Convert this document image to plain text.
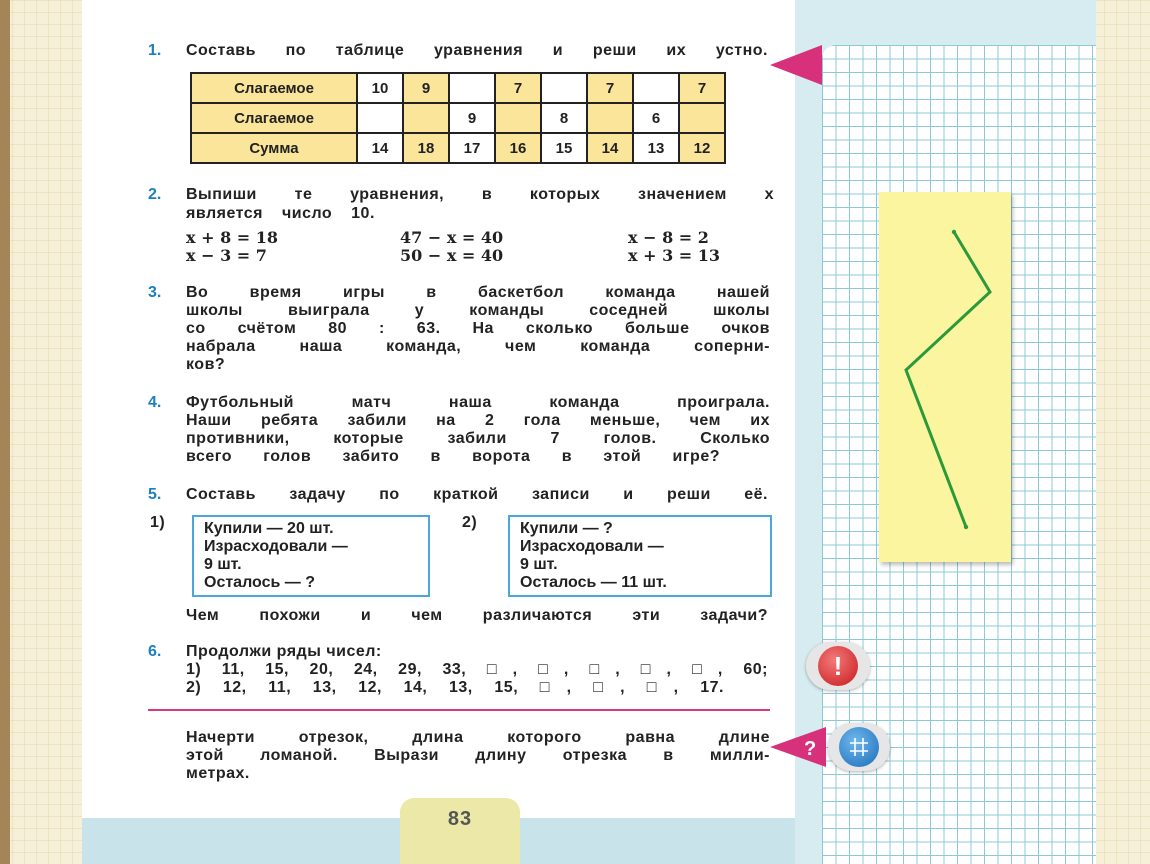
1. Составь по таблице уравнения и реши их устно.
Слагаемое	10	9		7		7		7
Слагаемое			9		8		6	
Сумма	14	18	17	16	15	14	13	12
2. Выпиши те уравнения, в которых значением x
является число 10.
x + 8 = 18	47 − x = 40	x − 8 = 2
x − 3 = 7	50 − x = 40	x + 3 = 13
3. Во время игры в баскетбол команда нашей
школы выиграла у команды соседней школы
со счётом 80 : 63. На сколько больше очков
набрала наша команда, чем команда соперни-
ков?
4. Футбольный матч наша команда проиграла.
Наши ребята забили на 2 гола меньше, чем их
противники, которые забили 7 голов. Сколько
всего голов забито в ворота в этой игре?
5. Составь задачу по краткой записи и реши её.
1) Купили — 20 шт.
Израсходовали —
9 шт.
Осталось — ?
2)	Купили — ?
Израсходовали —
9 шт.
Осталось — 11 шт.
Чем похожи и чем различаются эти задачи?
6. Продолжи ряды чисел:
1) 11, 15, 20, 24, 29, 33, □, □, □, □, □, 60;
2) 12, 11, 13, 12, 14, 13, 15, □, □, □, 17.
Начерти отрезок, длина которого равна длине
этой ломаной. Вырази длину отрезка в милли-
метрах.
!
?
83
